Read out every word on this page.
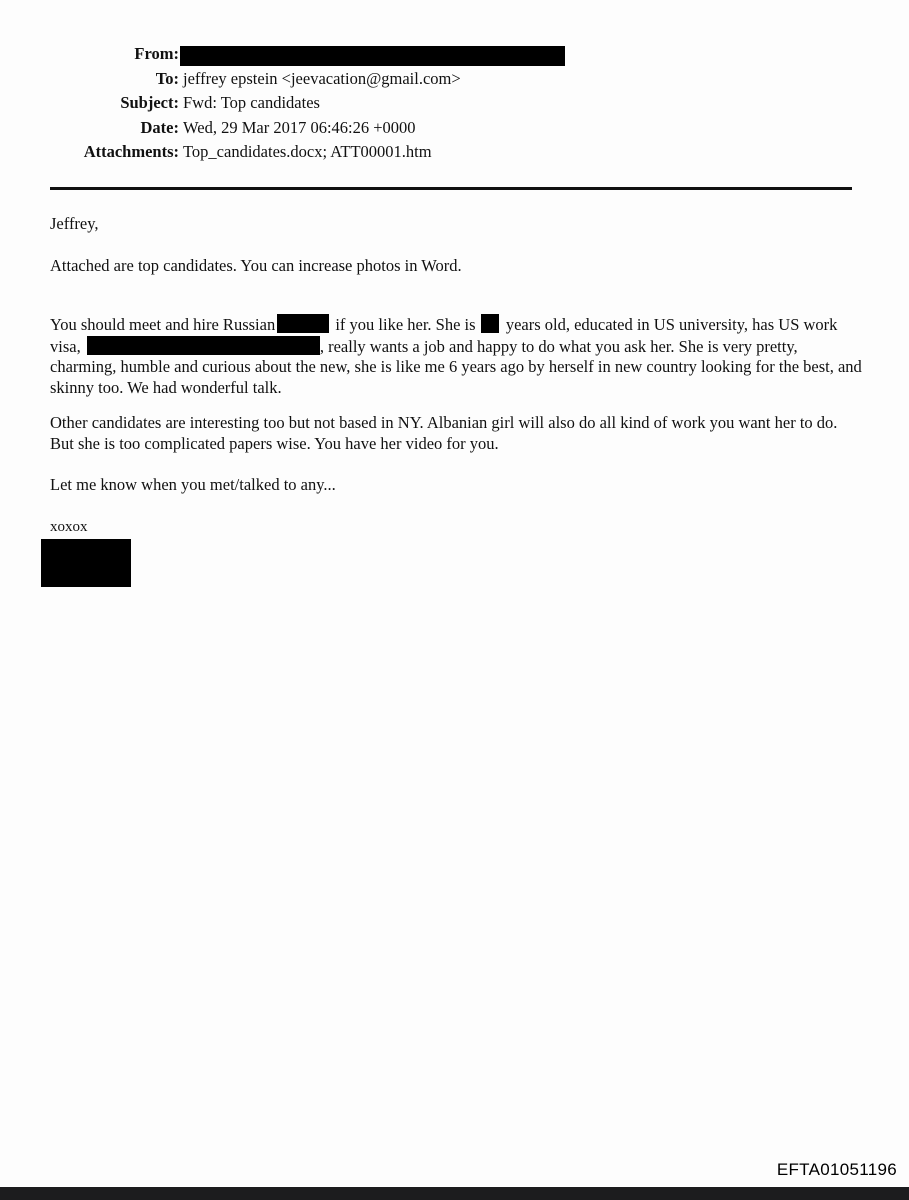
From:
To: jeffrey epstein <jeevacation@gmail.com>
Subject: Fwd: Top candidates
Date: Wed, 29 Mar 2017 06:46:26 +0000
Attachments: Top_candidates.docx; ATT00001.htm

Jeffrey,

Attached are top candidates. You can increase photos in Word.

You should meet and hire Russian	if you like her. She is years old, educated in US university, has US work visa,	, really wants a job and happy to do what you ask her. She is very pretty, charming, humble and curious about the new, she is like me 6 years ago by herself in new country looking for the best, and skinny too. We had wonderful talk.

Other candidates are interesting too but not based in NY. Albanian girl will also do all kind of work you want her to do. But she is too complicated papers wise. You have her video for you.

Let me know when you met/talked to any...

xoxox

EFTA01051196
